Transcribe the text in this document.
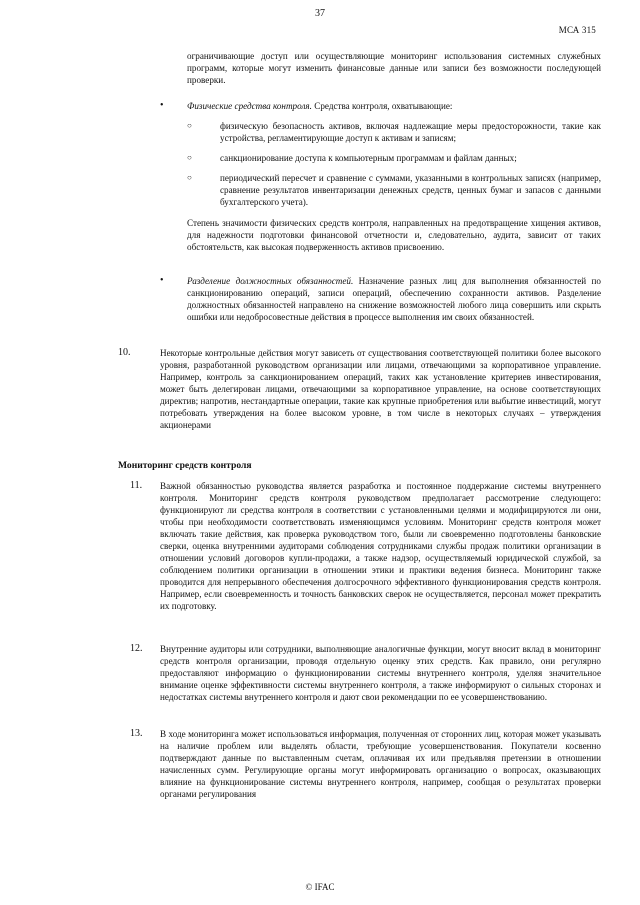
37
МСА 315
ограничивающие доступ или осуществляющие мониторинг использования системных служебных программ, которые могут изменить финансовые данные или записи без возможности последующей проверки.
•	Физические средства контроля. Средства контроля, охватывающие:
○	физическую безопасность активов, включая надлежащие меры предосторожности, такие как устройства, регламентирующие доступ к активам и записям;
○	санкционирование доступа к компьютерным программам и файлам данных;
○	периодический пересчет и сравнение с суммами, указанными в контрольных записях (например, сравнение результатов инвентаризации денежных средств, ценных бумаг и запасов с данными бухгалтерского учета).
Степень значимости физических средств контроля, направленных на предотвращение хищения активов, для надежности подготовки финансовой отчетности и, следовательно, аудита, зависит от таких обстоятельств, как высокая подверженность активов присвоению.
•	Разделение должностных обязанностей. Назначение разных лиц для выполнения обязанностей по санкционированию операций, записи операций, обеспечению сохранности активов. Разделение должностных обязанностей направлено на снижение возможностей любого лица совершить или скрыть ошибки или недобросовестные действия в процессе выполнения им своих обязанностей.
10.	Некоторые контрольные действия могут зависеть от существования соответствующей политики более высокого уровня, разработанной руководством организации или лицами, отвечающими за корпоративное управление. Например, контроль за санкционированием операций, таких как установление критериев инвестирования, может быть делегирован лицами, отвечающими за корпоративное управление, на основе соответствующих директив; напротив, нестандартные операции, такие как крупные приобретения или выбытие инвестиций, могут потребовать утверждения на более высоком уровне, в том числе в некоторых случаях – утверждения акционерами
Мониторинг средств контроля
11. Важной обязанностью руководства является разработка и постоянное поддержание системы внутреннего контроля. Мониторинг средств контроля руководством предполагает рассмотрение следующего: функционируют ли средства контроля в соответствии с установленными целями и модифицируются ли они, чтобы при необходимости соответствовать изменяющимся условиям. Мониторинг средств контроля может включать такие действия, как проверка руководством того, были ли своевременно подготовлены банковские сверки, оценка внутренними аудиторами соблюдения сотрудниками службы продаж политики организации в отношении условий договоров купли-продажи, а также надзор, осуществляемый юридической службой, за соблюдением политики организации в отношении этики и практики ведения бизнеса. Мониторинг также проводится для непрерывного обеспечения долгосрочного эффективного функционирования средств контроля. Например, если своевременность и точность банковских сверок не осуществляется, персонал может прекратить их подготовку.
12. Внутренние аудиторы или сотрудники, выполняющие аналогичные функции, могут вносит вклад в мониторинг средств контроля организации, проводя отдельную оценку этих средств. Как правило, они регулярно предоставляют информацию о функционировании системы внутреннего контроля, уделяя значительное внимание оценке эффективности системы внутреннего контроля, а также информируют о сильных сторонах и недостатках системы внутреннего контроля и дают свои рекомендации по ее усовершенствованию.
13. В ходе мониторинга может использоваться информация, полученная от сторонних лиц, которая может указывать на наличие проблем или выделять области, требующие усовершенствования. Покупатели косвенно подтверждают данные по выставленным счетам, оплачивая их или предъявляя претензии в отношении начисленных сумм. Регулирующие органы могут информировать организацию о вопросах, оказывающих влияние на функционирование системы внутреннего контроля, например, сообщая о результатах проверки органами регулирования
© IFAC
